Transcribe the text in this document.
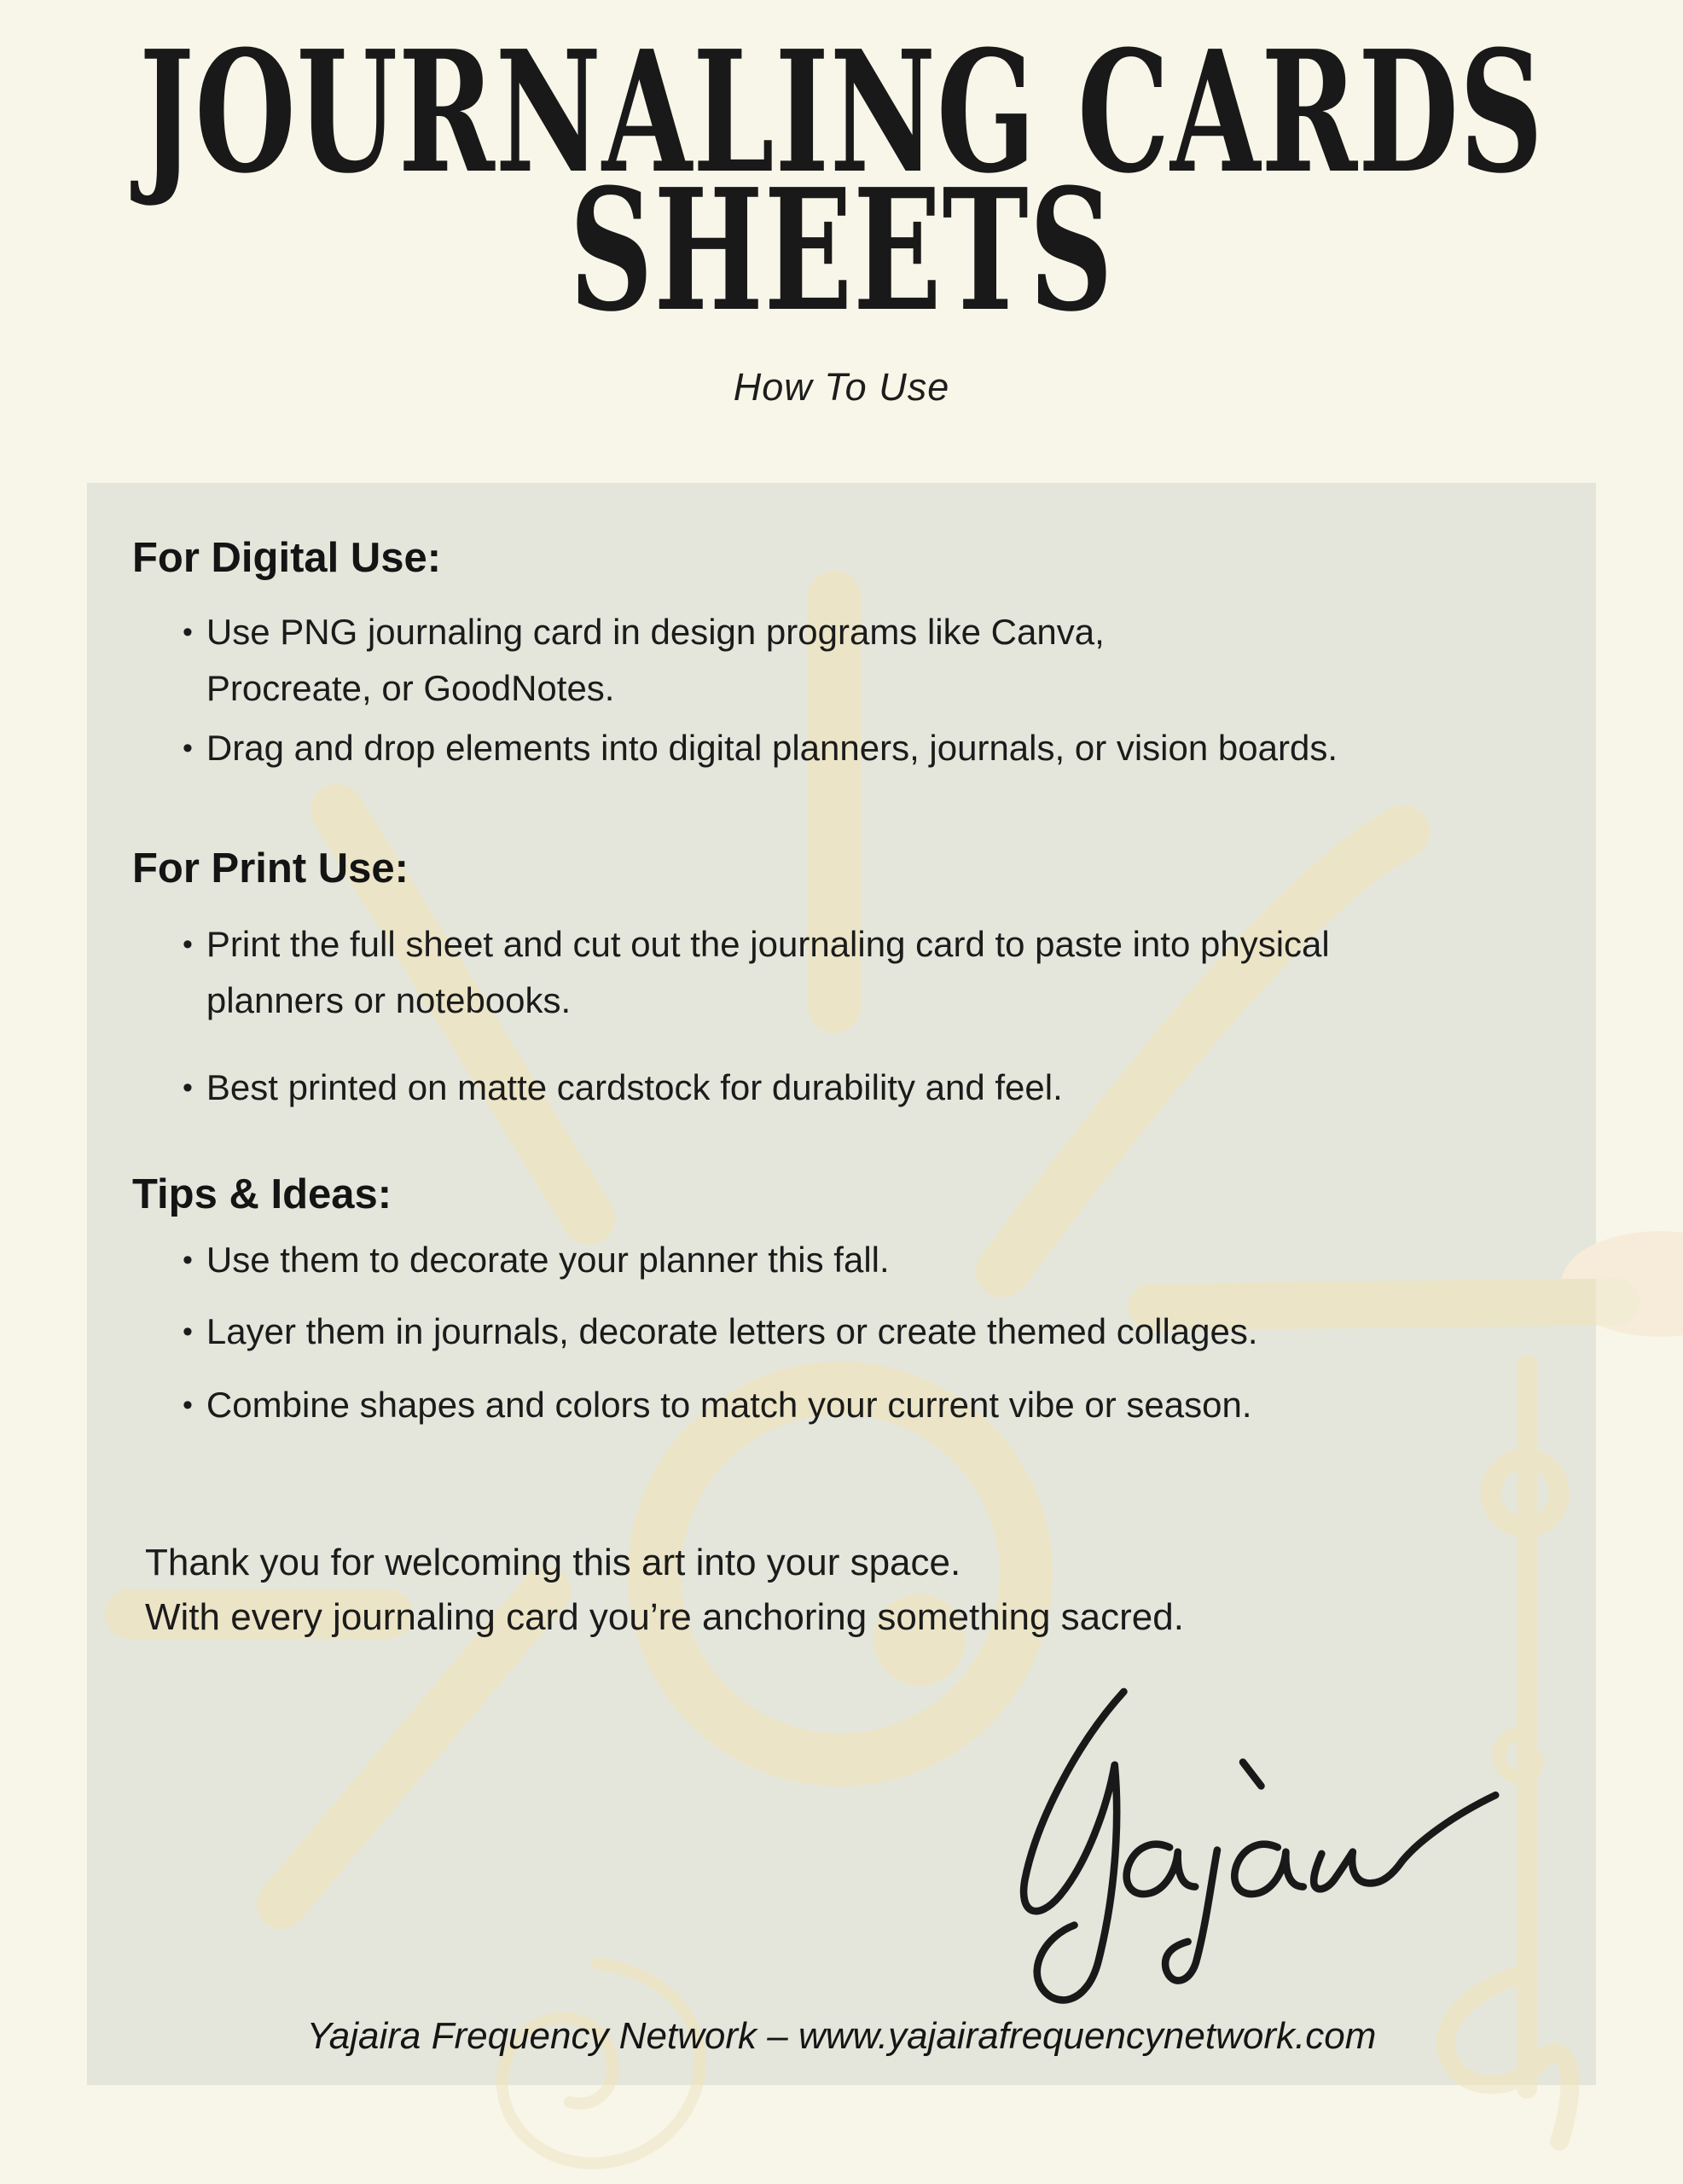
JOURNALING CARDS
SHEETS
How To Use
For Digital Use:
• Use PNG journaling card in design programs like Canva,
Procreate, or GoodNotes.
• Drag and drop elements into digital planners, journals, or vision boards.
For Print Use:
• Print the full sheet and cut out the journaling card to paste into physical
planners or notebooks.
• Best printed on matte cardstock for durability and feel.
Tips & Ideas:
• Use them to decorate your planner this fall.
• Layer them in journals, decorate letters or create themed collages.
• Combine shapes and colors to match your current vibe or season.
Thank you for welcoming this art into your space.
With every journaling card you’re anchoring something sacred.
Yajaira Frequency Network – www.yajairafrequencynetwork.com
